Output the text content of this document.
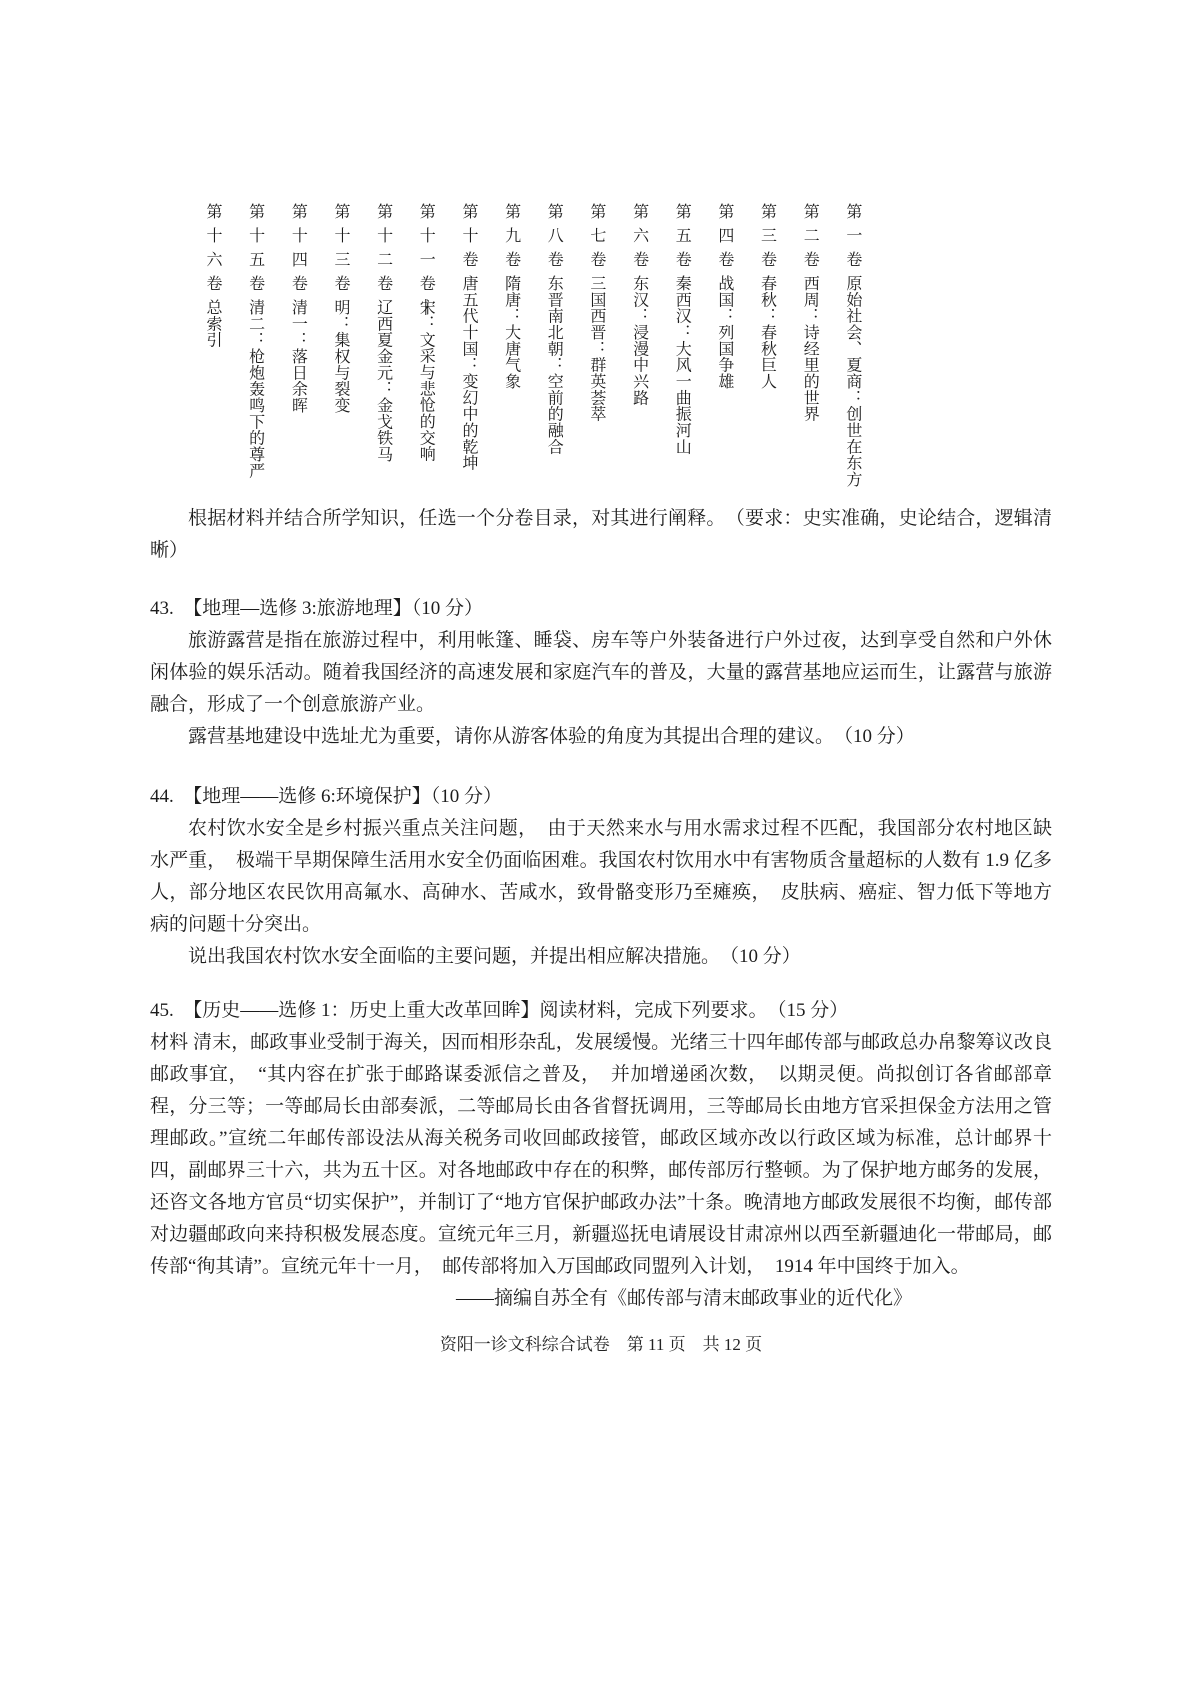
第一卷原始社会、夏商：创世在东方
第二卷西周：诗经里的世界
第三卷春秋：春秋巨人
第四卷战国：列国争雄
第五卷秦西汉：大风一曲振河山
第六卷东汉：浸漫中兴路
第七卷三国西晋：群英荟萃
第八卷东晋南北朝：空前的融合
第九卷隋唐：大唐气象
第十卷唐五代十国：变幻中的乾坤
第十一卷宋：文采与悲怆的交响
第十二卷辽西夏金元：金戈铁马
第十三卷明：集权与裂变
第十四卷清一：落日余晖
第十五卷清二：枪炮轰鸣下的尊严
第十六卷总索引

根据材料并结合所学知识，任选一个分卷目录，对其进行阐释。　（要求：史实准确，史论结合，逻辑清晰）

43.　【地理—选修 3:旅游地理】（10 分）

旅游露营是指在旅游过程中，利用帐篷、睡袋、房车等户外装备进行户外过夜，达到享受自然和户外休闲体验的娱乐活动。随着我国经济的高速发展和家庭汽车的普及，大量的露营基地应运而生，让露营与旅游融合，形成了一个创意旅游产业。

露营基地建设中选址尤为重要，请你从游客体验的角度为其提出合理的建议。　（10 分）

44.　【地理——选修 6:环境保护】（10 分）

农村饮水安全是乡村振兴重点关注问题，　由于天然来水与用水需求过程不匹配，我国部分农村地区缺水严重，　极端干旱期保障生活用水安全仍面临困难。我国农村饮用水中有害物质含量超标的人数有 1.9 亿多人，部分地区农民饮用高氟水、高砷水、苦咸水，致骨骼变形乃至瘫痪，　皮肤病、癌症、智力低下等地方病的问题十分突出。

说出我国农村饮水安全面临的主要问题，并提出相应解决措施。　（10 分）

45.　【历史——选修 1：历史上重大改革回眸】阅读材料，完成下列要求。　（15 分）

材料 清末，邮政事业受制于海关，因而相形杂乱，发展缓慢。光绪三十四年邮传部与邮政总办帛黎筹议改良邮政事宜，　“其内容在扩张于邮路谋委派信之普及，　并加增递函次数，　以期灵便。尚拟创订各省邮部章程，分三等；一等邮局长由部奏派，二等邮局长由各省督抚调用，三等邮局长由地方官采担保金方法用之管理邮政。”宣统二年邮传部设法从海关税务司收回邮政接管，邮政区域亦改以行政区域为标准，总计邮界十四，副邮界三十六，共为五十区。对各地邮政中存在的积弊，邮传部厉行整顿。为了保护地方邮务的发展，还咨文各地方官员“切实保护”，并制订了“地方官保护邮政办法”十条。晚清地方邮政发展很不均衡，邮传部对边疆邮政向来持积极发展态度。宣统元年三月，新疆巡抚电请展设甘肃凉州以西至新疆迪化一带邮局，邮传部“徇其请”。宣统元年十一月，　邮传部将加入万国邮政同盟列入计划，　1914 年中国终于加入。

——摘编自苏全有《邮传部与清末邮政事业的近代化》

资阳一诊文科综合试卷　第 11 页　共 12 页
